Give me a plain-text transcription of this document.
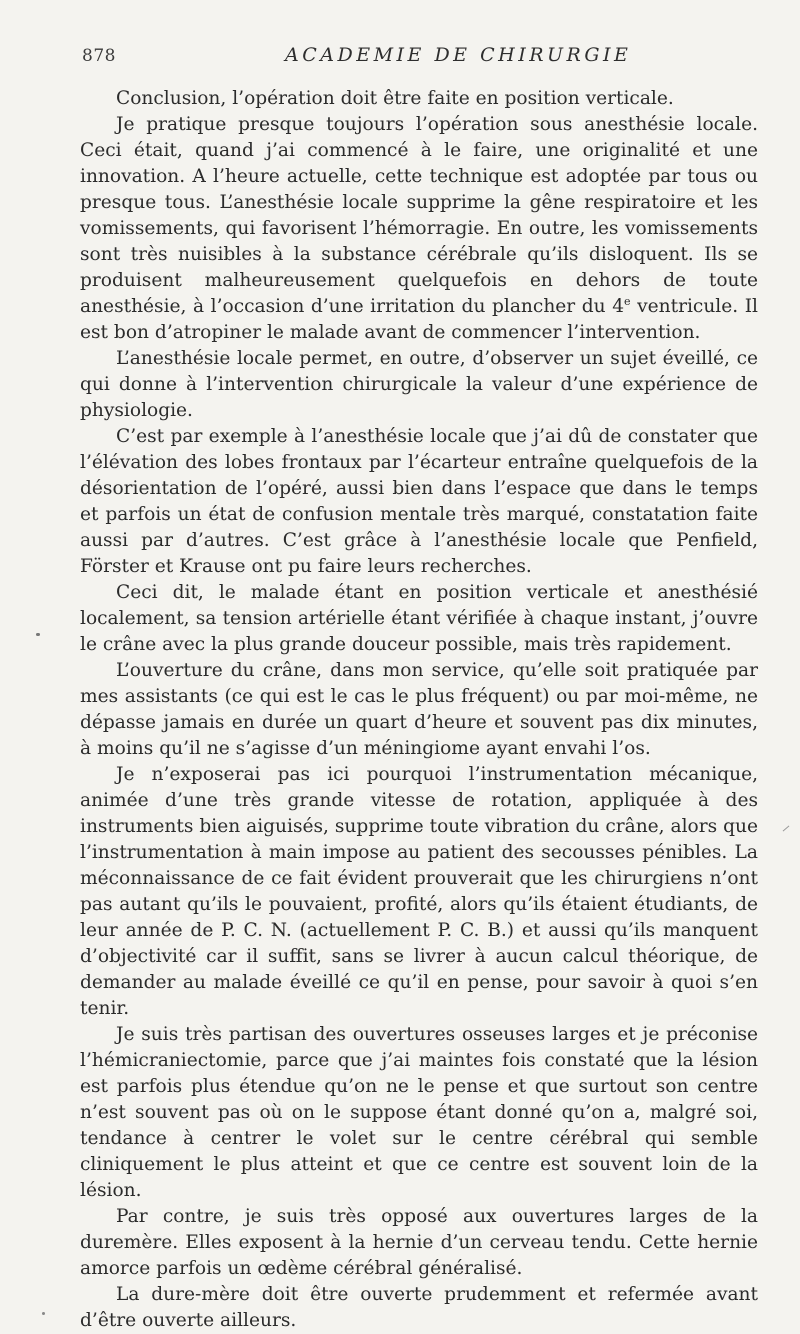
878	ACADEMIE DE CHIRURGIE

Conclusion, l’opération doit être faite en position verticale.

Je pratique presque toujours l’opération sous anesthésie locale. Ceci était, quand j’ai commencé à le faire, une originalité et une innovation. A l’heure actuelle, cette technique est adoptée par tous ou presque tous. L’anesthésie locale supprime la gêne respiratoire et les vomissements, qui favorisent l’hémorragie. En outre, les vomissements sont très nuisibles à la substance cérébrale qu’ils disloquent. Ils se produisent malheureusement quelquefois en dehors de toute anesthésie, à l’occasion d’une irritation du plancher du 4e ventricule. Il est bon d’atropiner le malade avant de commencer l’intervention.

L’anesthésie locale permet, en outre, d’observer un sujet éveillé, ce qui donne à l’intervention chirurgicale la valeur d’une expérience de physiologie.

C’est par exemple à l’anesthésie locale que j’ai dû de constater que l’élévation des lobes frontaux par l’écarteur entraîne quelquefois de la désorientation de l’opéré, aussi bien dans l’espace que dans le temps et parfois un état de confusion mentale très marqué, constatation faite aussi par d’autres. C’est grâce à l’anesthésie locale que Penfield, Förster et Krause ont pu faire leurs recherches.

Ceci dit, le malade étant en position verticale et anesthésié localement, sa tension artérielle étant vérifiée à chaque instant, j’ouvre le crâne avec la plus grande douceur possible, mais très rapidement.

L’ouverture du crâne, dans mon service, qu’elle soit pratiquée par mes assistants (ce qui est le cas le plus fréquent) ou par moi-même, ne dépasse jamais en durée un quart d’heure et souvent pas dix minutes, à moins qu’il ne s’agisse d’un méningiome ayant envahi l’os.

Je n’exposerai pas ici pourquoi l’instrumentation mécanique, animée d’une très grande vitesse de rotation, appliquée à des instruments bien aiguisés, supprime toute vibration du crâne, alors que l’instrumentation à main impose au patient des secousses pénibles. La méconnaissance de ce fait évident prouverait que les chirurgiens n’ont pas autant qu’ils le pouvaient, profité, alors qu’ils étaient étudiants, de leur année de P. C. N. (actuellement P. C. B.) et aussi qu’ils manquent d’objectivité car il suffit, sans se livrer à aucun calcul théorique, de demander au malade éveillé ce qu’il en pense, pour savoir à quoi s’en tenir.

Je suis très partisan des ouvertures osseuses larges et je préconise l’hémicraniectomie, parce que j’ai maintes fois constaté que la lésion est parfois plus étendue qu’on ne le pense et que surtout son centre n’est souvent pas où on le suppose étant donné qu’on a, malgré soi, tendance à centrer le volet sur le centre cérébral qui semble cliniquement le plus atteint et que ce centre est souvent loin de la lésion.

Par contre, je suis très opposé aux ouvertures larges de la duremère. Elles exposent à la hernie d’un cerveau tendu. Cette hernie amorce parfois un œdème cérébral généralisé.

La dure-mère doit être ouverte prudemment et refermée avant d’être ouverte ailleurs.
